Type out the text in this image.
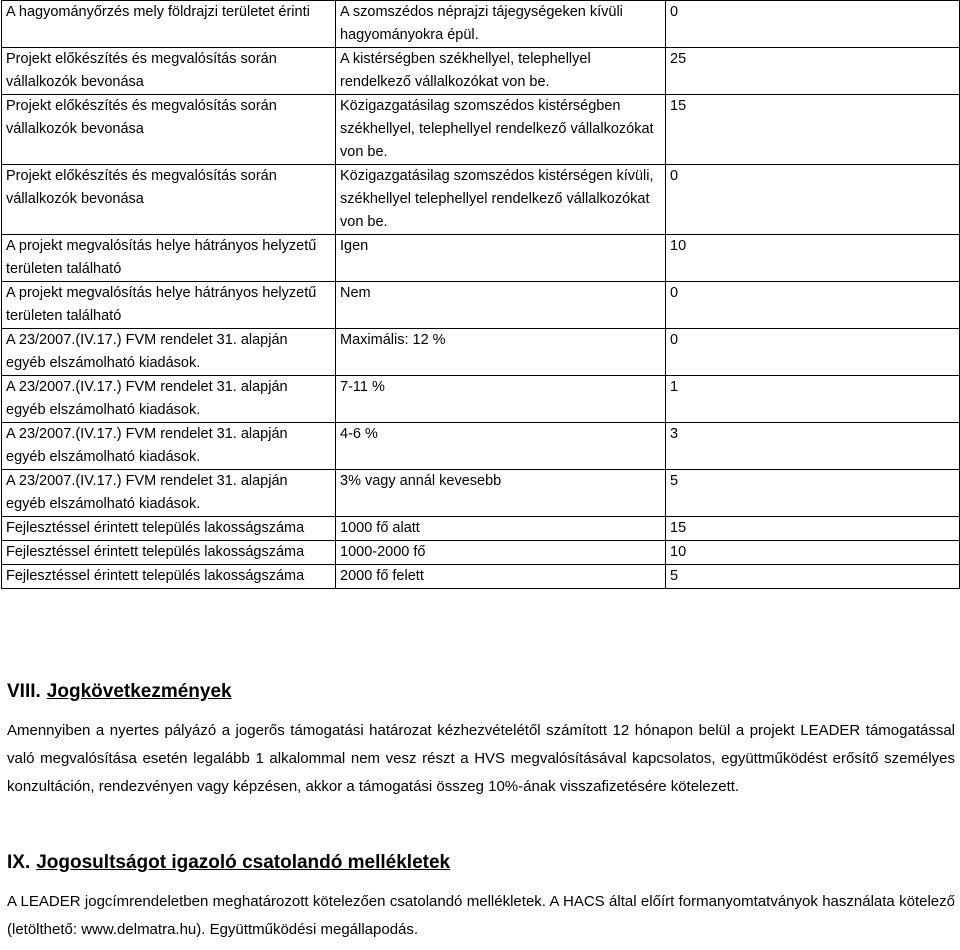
A hagyományőrzés mely földrajzi területet érinti	A szomszédos néprajzi tájegységeken kívüli hagyományokra épül.	0
Projekt előkészítés és megvalósítás során vállalkozók bevonása	A kistérségben székhellyel, telephellyel rendelkező vállalkozókat von be.	25
Projekt előkészítés és megvalósítás során vállalkozók bevonása	Közigazgatásilag szomszédos kistérségben székhellyel, telephellyel rendelkező vállalkozókat von be.	15
Projekt előkészítés és megvalósítás során vállalkozók bevonása	Közigazgatásilag szomszédos kistérségen kívüli, székhellyel telephellyel rendelkező vállalkozókat von be.	0
A projekt megvalósítás helye hátrányos helyzetű területen található	Igen	10
A projekt megvalósítás helye hátrányos helyzetű területen található	Nem	0
A 23/2007.(IV.17.) FVM rendelet 31. alapján egyéb elszámolható kiadások.	Maximális: 12 %	0
A 23/2007.(IV.17.) FVM rendelet 31. alapján egyéb elszámolható kiadások.	7-11 %	1
A 23/2007.(IV.17.) FVM rendelet 31. alapján egyéb elszámolható kiadások.	4-6 %	3
A 23/2007.(IV.17.) FVM rendelet 31. alapján egyéb elszámolható kiadások.	3% vagy annál kevesebb	5
Fejlesztéssel érintett település lakosságszáma	1000 fő alatt	15
Fejlesztéssel érintett település lakosságszáma	1000-2000 fő	10
Fejlesztéssel érintett település lakosságszáma	2000 fő felett	5
VIII. Jogkövetkezmények

Amennyiben a nyertes pályázó a jogerős támogatási határozat kézhezvételétől számított 12 hónapon belül a projekt LEADER támogatással való megvalósítása esetén legalább 1 alkalommal nem vesz részt a HVS megvalósításával kapcsolatos, együttműködést erősítő személyes konzultáción, rendezvényen vagy képzésen, akkor a támogatási összeg 10%-ának visszafizetésére kötelezett.

IX. Jogosultságot igazoló csatolandó mellékletek

A LEADER jogcímrendeletben meghatározott kötelezően csatolandó mellékletek. A HACS által előírt formanyomtatványok használata kötelező (letölthető: www.delmatra.hu). Együttműködési megállapodás.
